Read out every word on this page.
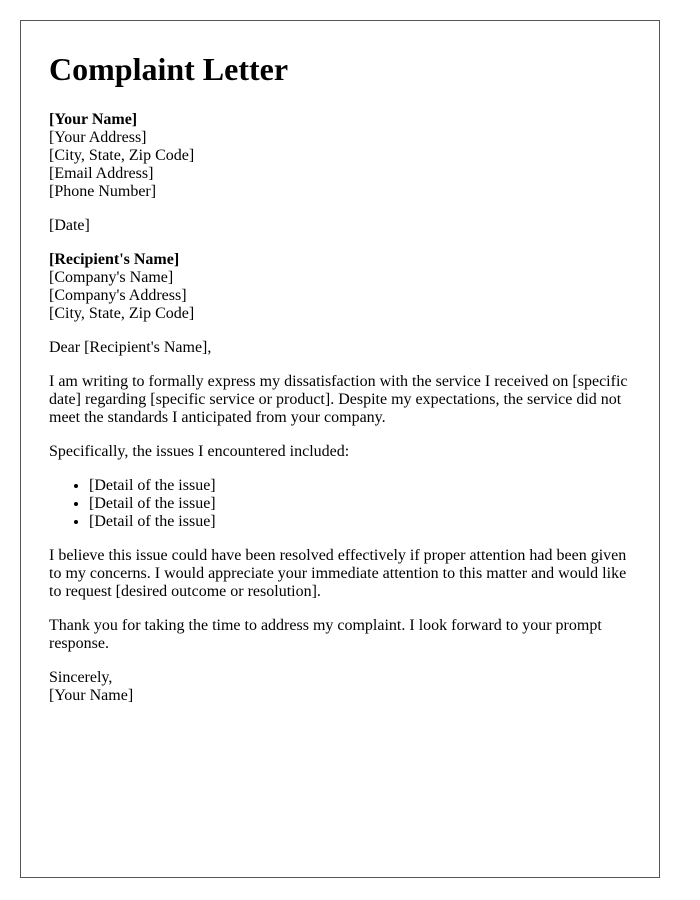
Complaint Letter
[Your Name]
[Your Address]
[City, State, Zip Code]
[Email Address]
[Phone Number]
[Date]
[Recipient's Name]
[Company's Name]
[Company's Address]
[City, State, Zip Code]

Dear [Recipient's Name],

I am writing to formally express my dissatisfaction with the service I received on [specific date] regarding [specific service or product]. Despite my expectations, the service did not meet the standards I anticipated from your company.

Specifically, the issues I encountered included:

• [Detail of the issue]
• [Detail of the issue]
• [Detail of the issue]

I believe this issue could have been resolved effectively if proper attention had been given to my concerns. I would appreciate your immediate attention to this matter and would like to request [desired outcome or resolution].

Thank you for taking the time to address my complaint. I look forward to your prompt response.

Sincerely,
[Your Name]
